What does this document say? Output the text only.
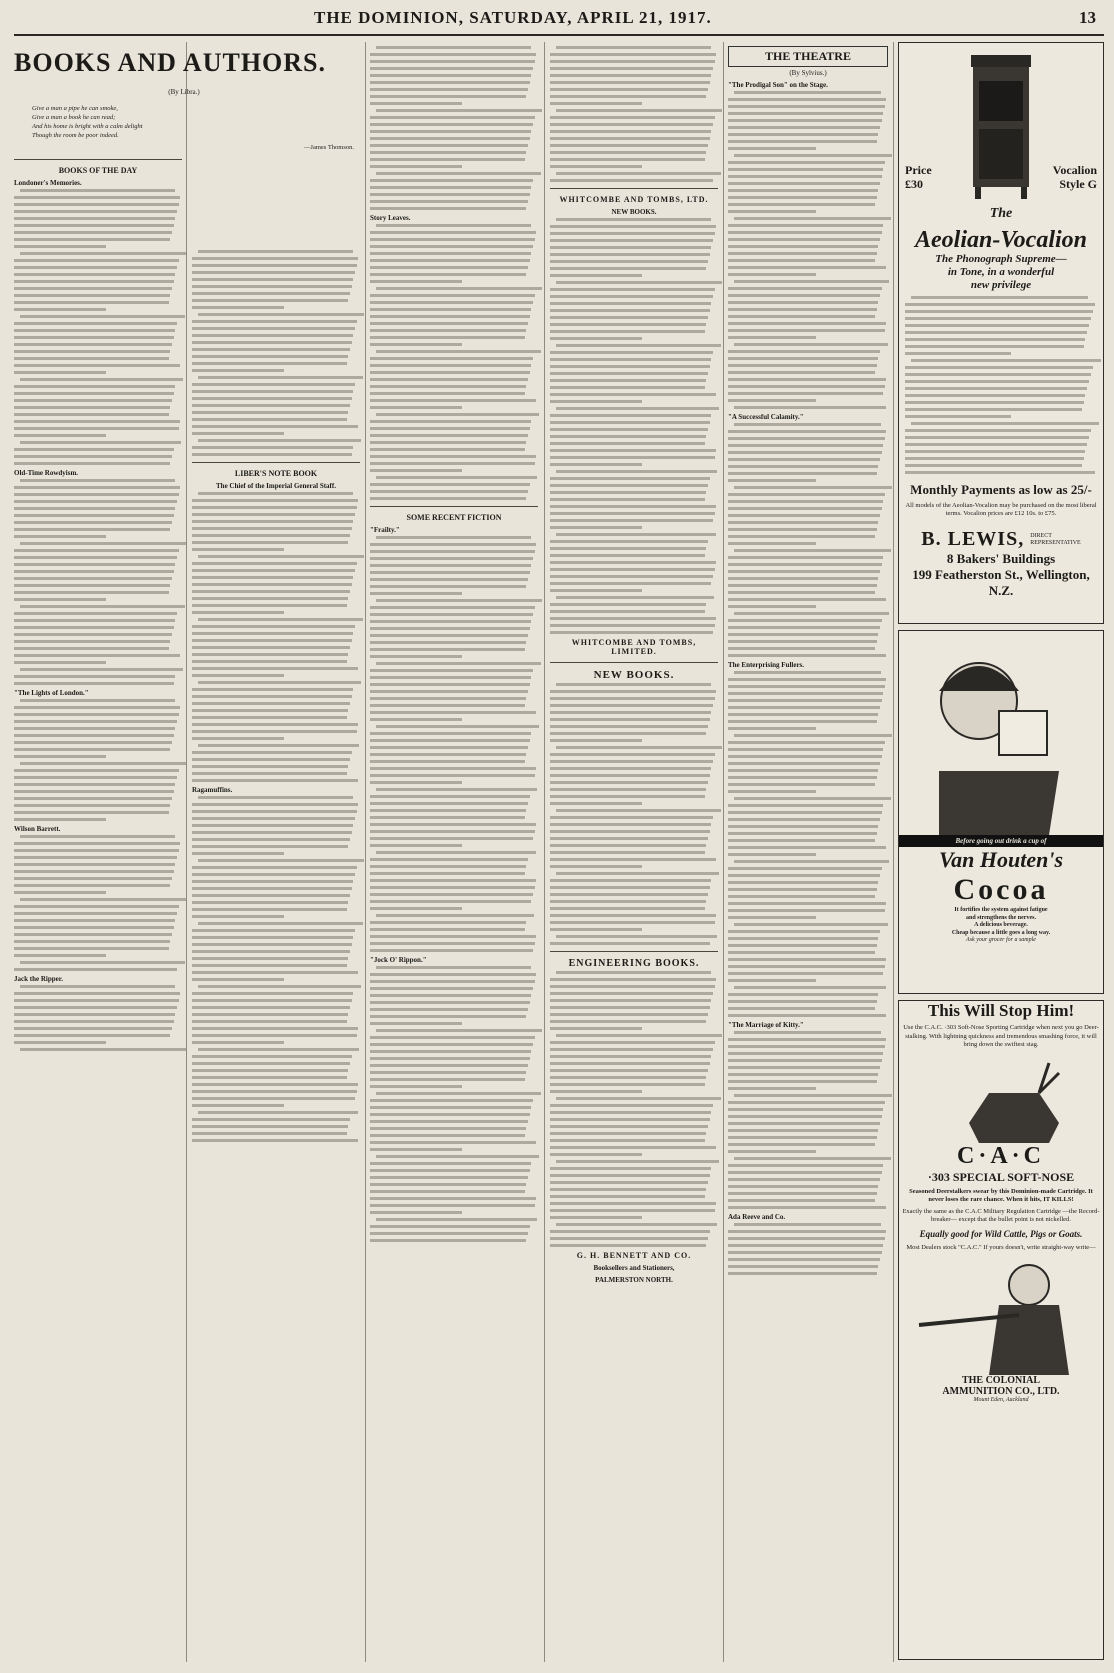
THE DOMINION, SATURDAY, APRIL 21, 1917.	13
BOOKS AND AUTHORS.
(By Libra.)
Give a man a pipe he can smoke,
Give a man a book he can read;
And his home is bright with a calm delight
Though the room be poor indeed.
—James Thomson.
BOOKS OF THE DAY
Londoner's Memories.
Old-Time Rowdyism.
"The Lights of London."
Wilson Barrett.
Jack the Ripper.
LIBER'S NOTE BOOK
The Chief of the Imperial General Staff.
Ragamuffins.
Story Leaves.
SOME RECENT FICTION
"Frailty."
"Jock O' Rippon."
WHITCOMBE AND TOMBS, LTD.
NEW BOOKS.
WHITCOMBE AND TOMBS, LIMITED.
NEW BOOKS.
ENGINEERING BOOKS.
G. H. BENNETT AND CO.
Booksellers and Stationers,
PALMERSTON NORTH.
THE THEATRE
(By Sylvius.)
"The Prodigal Son" on the Stage.
"A Successful Calamity."
The Enterprising Fullers.
"The Marriage of Kitty."
Ada Reeve and Co.
Price
£30
Vocalion
Style G
The
Aeolian-Vocalion
The Phonograph Supreme—
in Tone, in a wonderful
new privilege
Monthly Payments as low as 25/-
All models of the Aeolian-Vocalion may be purchased on the most liberal terms. Vocalion prices are £12 10s. to £75.
B. LEWIS, DIRECT
REPRESENTATIVE
8 Bakers' Buildings
199 Featherston St., Wellington, N.Z.
Before going out drink a cup of
Van Houten's
Cocoa
It fortifies the system against fatigue
and strengthens the nerves.
A delicious beverage.
Cheap because a little goes a long way.
Ask your grocer for a sample
This Will Stop Him!
Use the C.A.C. ·303 Soft-Nose Sporting Cartridge when next you go Deer-stalking. With lightning quickness and tremendous smashing force, it will bring down the swiftest stag.
C·A·C
·303 SPECIAL SOFT-NOSE
Seasoned Deerstalkers swear by this Dominion-made Cartridge. It never loses the rare chance. When it hits, IT KILLS!
Exactly the same as the C.A.C Military Regulation Cartridge —the Record-breaker— except that the bullet point is not nickelled.
Equally good for Wild Cattle, Pigs or Goats.
Most Dealers stock "C.A.C." If yours doesn't, write straight-way write—
THE COLONIAL
AMMUNITION CO., LTD.
Mount Eden, Auckland
